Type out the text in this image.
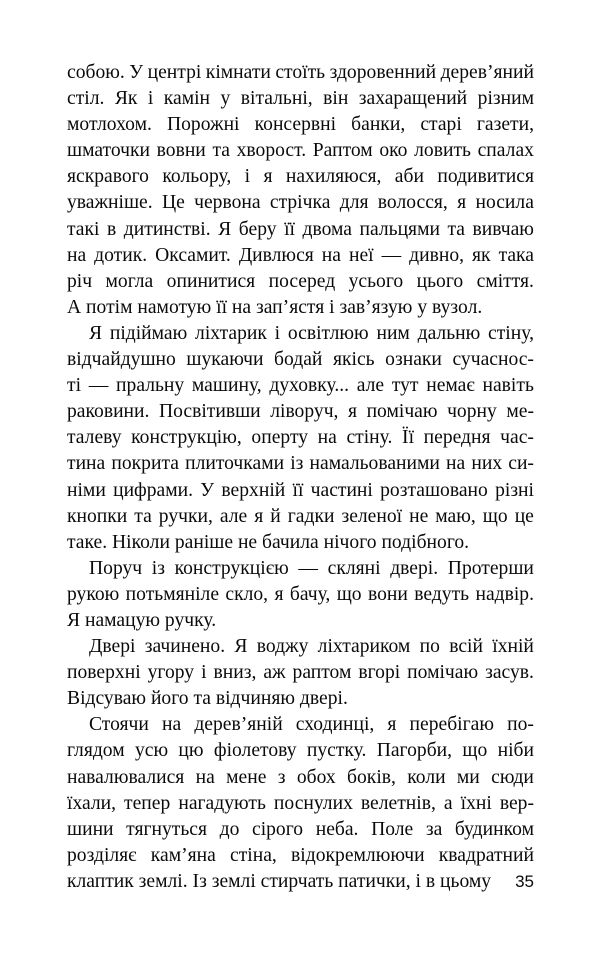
собою. У центрі кімнати стоїть здоровенний дерев’яний
стіл. Як і камін у вітальні, він захаращений різним
мотлохом. Порожні консервні банки, старі газети,
шматочки вовни та хворост. Раптом око ловить спалах
яскравого кольору, і я нахиляюся, аби подивитися
уважніше. Це червона стрічка для волосся, я носила
такі в дитинстві. Я беру її двома пальцями та вивчаю
на дотик. Оксамит. Дивлюся на неї — дивно, як така
річ могла опинитися посеред усього цього сміття.
А потім намотую її на зап’ястя і зав’язую у вузол.
Я підіймаю ліхтарик і освітлюю ним дальню стіну,
відчайдушно шукаючи бодай якісь ознаки сучаснос-
ті — пральну машину, духовку... але тут немає навіть
раковини. Посвітивши ліворуч, я помічаю чорну ме-
талеву конструкцію, оперту на стіну. Її передня час-
тина покрита плиточками із намальованими на них си-
німи цифрами. У верхній її частині розташовано різні
кнопки та ручки, але я й гадки зеленої не маю, що це
таке. Ніколи раніше не бачила нічого подібного.
Поруч із конструкцією — скляні двері. Протерши
рукою потьмяніле скло, я бачу, що вони ведуть надвір.
Я намацую ручку.
Двері зачинено. Я воджу ліхтариком по всій їхній
поверхні угору і вниз, аж раптом вгорі помічаю засув.
Відсуваю його та відчиняю двері.
Стоячи на дерев’яній сходинці, я перебігаю по-
глядом усю цю фіолетову пустку. Пагорби, що ніби
навалювалися на мене з обох боків, коли ми сюди
їхали, тепер нагадують поснулих велетнів, а їхні вер-
шини тягнуться до сірого неба. Поле за будинком
розділяє кам’яна стіна, відокремлюючи квадратний
клаптик землі. Із землі стирчать патички, і в цьому	35
